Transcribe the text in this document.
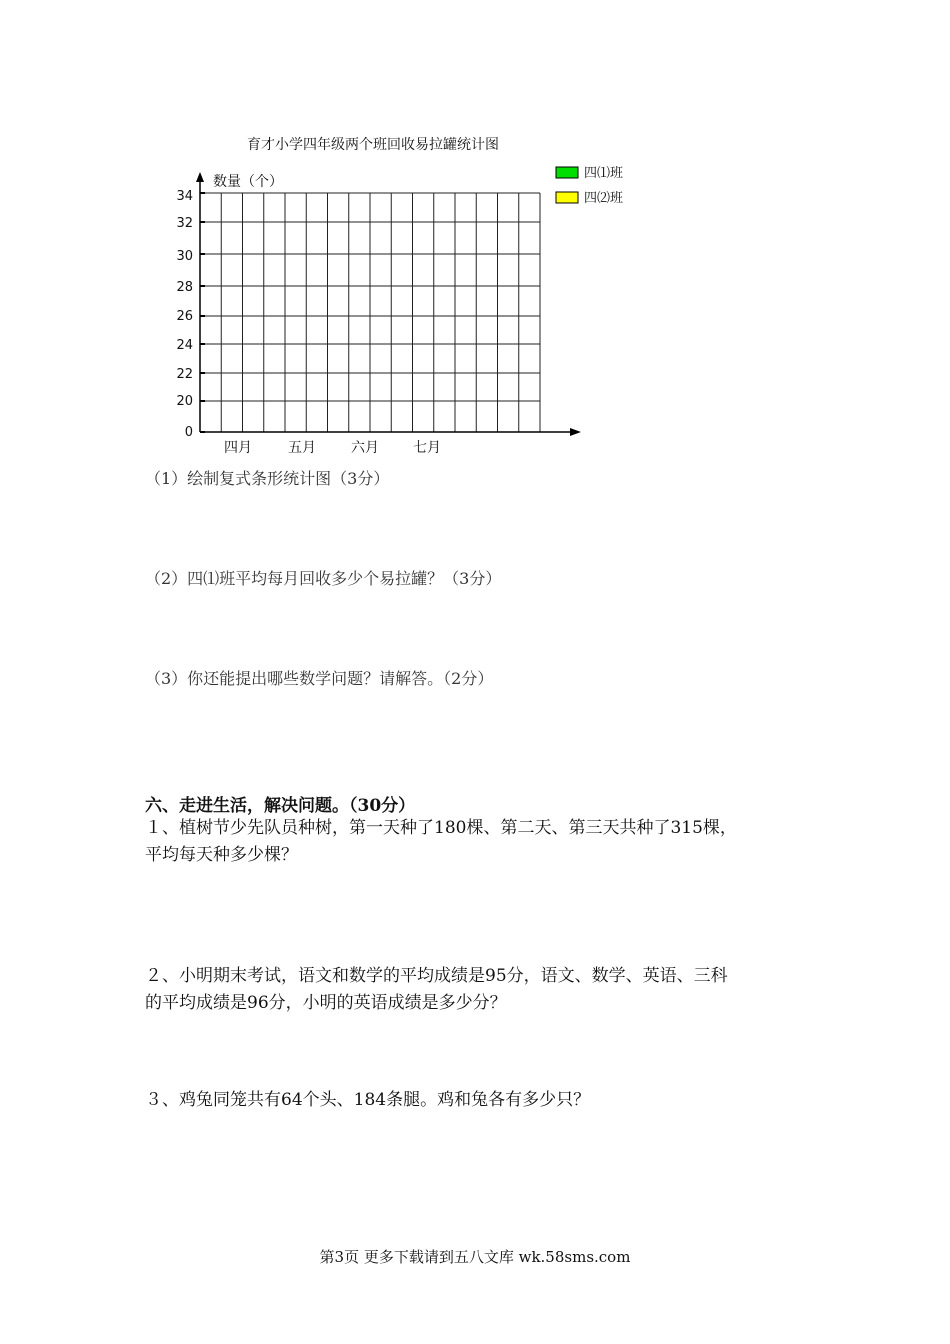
育才小学四年级两个班回收易拉罐统计图
0
20
22
24
26
28
30
32
34
四月	五月	六月 七月
四⑴班
四⑵班
数量（个）
（1）绘制复式条形统计图（3分）
（2）四⑴班平均每月回收多少个易拉罐？（3分）
（3）你还能提出哪些数学问题？请解答。（2分）
六、走进生活，解决问题。（30分）
１、植树节少先队员种树，第一天种了180棵、第二天、第三天共种了315棵，
平均每天种多少棵？
２、小明期末考试，语文和数学的平均成绩是95分，语文、数学、英语、三科
的平均成绩是96分，小明的英语成绩是多少分？
３、鸡兔同笼共有64个头、184条腿。鸡和兔各有多少只？
第3页 更多下载请到五八文库 wk.58sms.com
